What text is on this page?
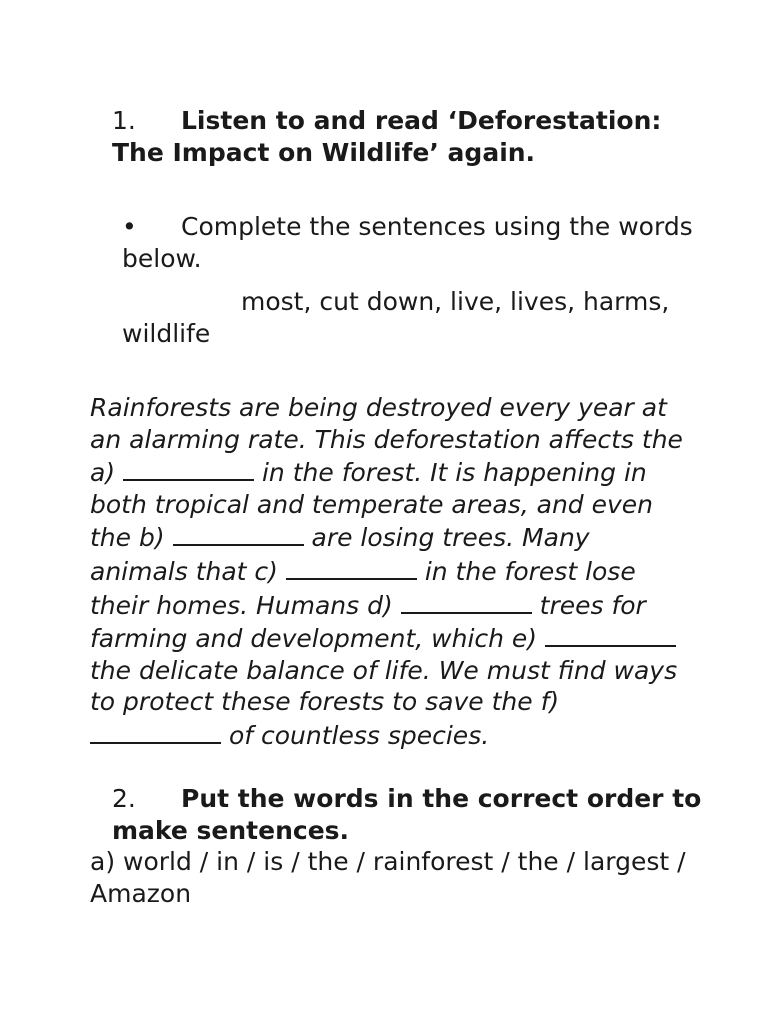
1. Listen to and read ‘Deforestation: The Impact on Wildlife’ again.
• Complete the sentences using the words below.
most, cut down, live, lives, harms, wildlife
Rainforests are being destroyed every year at an alarming rate. This deforestation affects the a)	in the forest. It is happening in both tropical and temperate areas, and even the b)	are losing trees. Many animals that c)	in the forest lose their homes. Humans d)	trees for farming and development, which e)  the delicate balance of life. We must find ways to protect these forests to save the f)  of countless species.
2. Put the words in the correct order to make sentences.
a) world / in / is / the / rainforest / the / largest / Amazon
